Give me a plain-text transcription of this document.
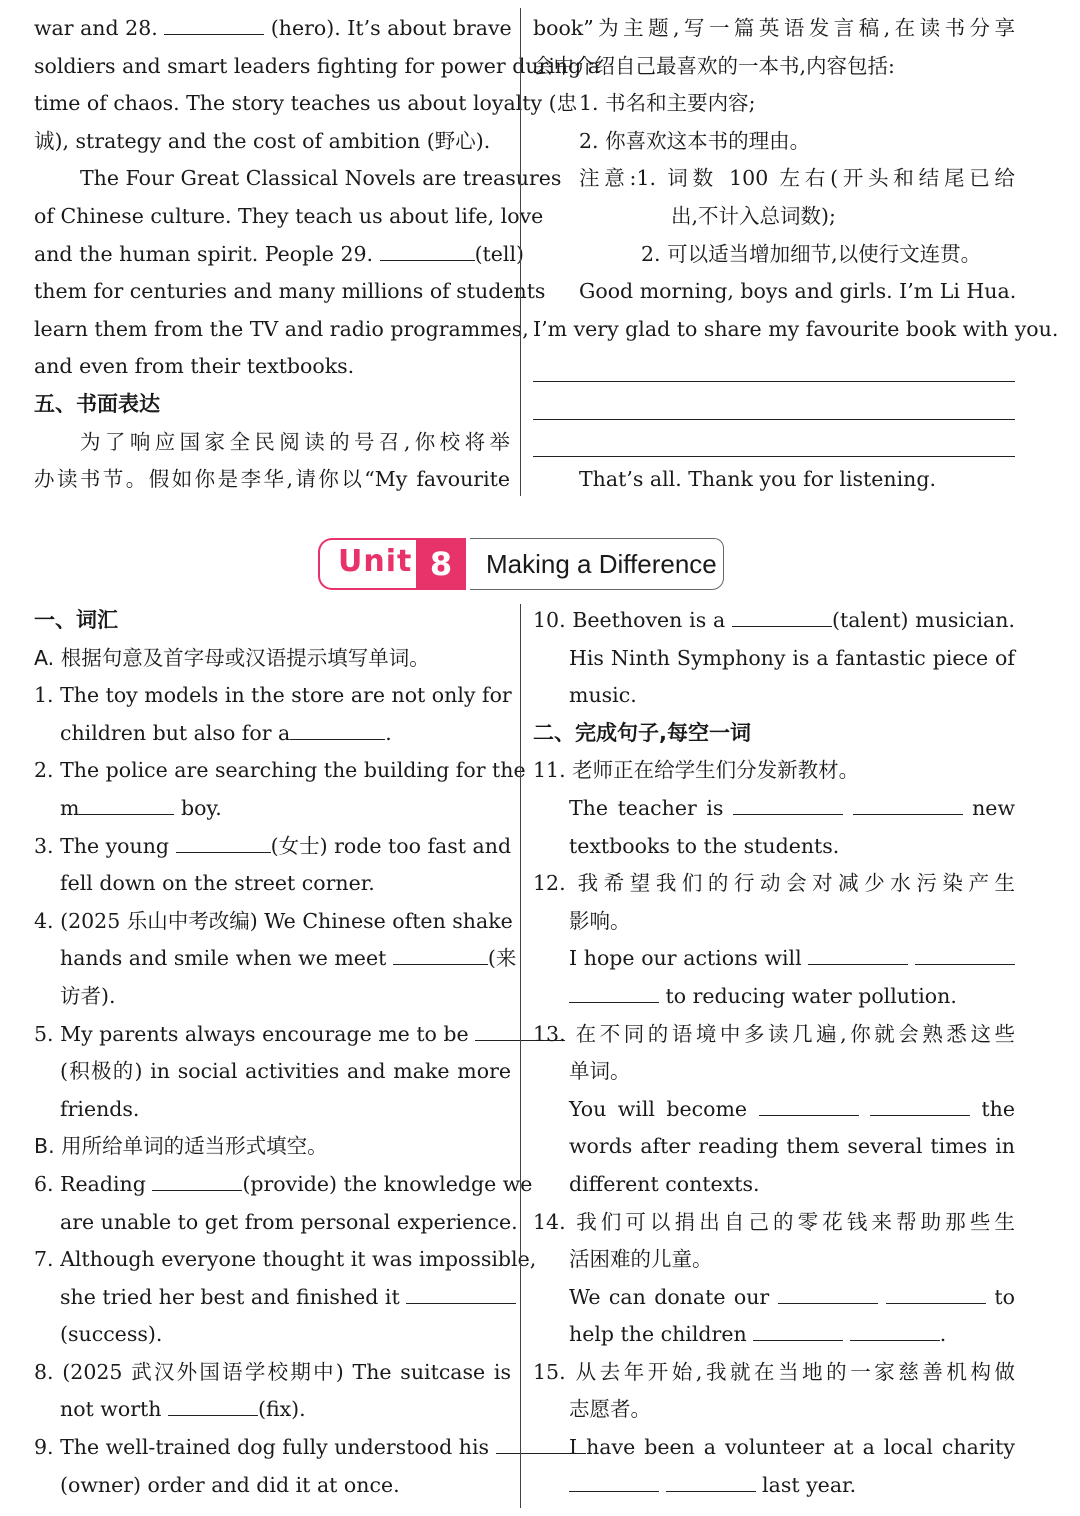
war and 28.	(hero). It’s about brave
soldiers and smart leaders fighting for power during a
time of chaos. The story teaches us about loyalty (忠
诚), strategy and the cost of ambition (野心).
The Four Great Classical Novels are treasures
of Chinese culture. They teach us about life, love
and the human spirit. People 29.	(tell)
them for centuries and many millions of students
learn them from the TV and radio programmes,
and even from their textbooks.
五、书面表达
为了响应国家全民阅读的号召,你校将举
办读书节。假如你是李华,请你以“My favourite
book”为主题,写一篇英语发言稿,在读书分享
会中介绍自己最喜欢的一本书,内容包括:
1. 书名和主要内容;
2. 你喜欢这本书的理由。
注意:1. 词数 100 左右(开头和结尾已给
出,不计入总词数);
2. 可以适当增加细节,以使行文连贯。
Good morning, boys and girls. I’m Li Hua.
I’m very glad to share my favourite book with you.
That’s all. Thank you for listening.
Unit 8	Making a Difference
一、词汇
A. 根据句意及首字母或汉语提示填写单词。
1. The toy models in the store are not only for
children but also for a	.
2. The police are searching the building for the
m	boy.
3. The young	(女士) rode too fast and
fell down on the street corner.
4. (2025 乐山中考改编) We Chinese often shake
hands and smile when we meet	(来
访者).
5. My parents always encourage me to be
(积极的) in social activities and make more
friends.
B. 用所给单词的适当形式填空。
6. Reading	(provide) the knowledge we
are unable to get from personal experience.
7. Although everyone thought it was impossible,
she tried her best and finished it
(success).
8. (2025 武汉外国语学校期中) The suitcase is
not worth	(fix).
9. The well-trained dog fully understood his
(owner) order and did it at once.
10. Beethoven is a	(talent) musician.
His Ninth Symphony is a fantastic piece of
music.
二、完成句子,每空一词
11. 老师正在给学生们分发新教材。
The teacher is	new
textbooks to the students.
12. 我希望我们的行动会对减少水污染产生
影响。
I hope our actions will
to reducing water pollution.
13. 在不同的语境中多读几遍,你就会熟悉这些
单词。
You will become	the
words after reading them several times in
different contexts.
14. 我们可以捐出自己的零花钱来帮助那些生
活困难的儿童。
We can donate our	to
help the children	.
15. 从去年开始,我就在当地的一家慈善机构做
志愿者。
I have been a volunteer at a local charity
last year.
